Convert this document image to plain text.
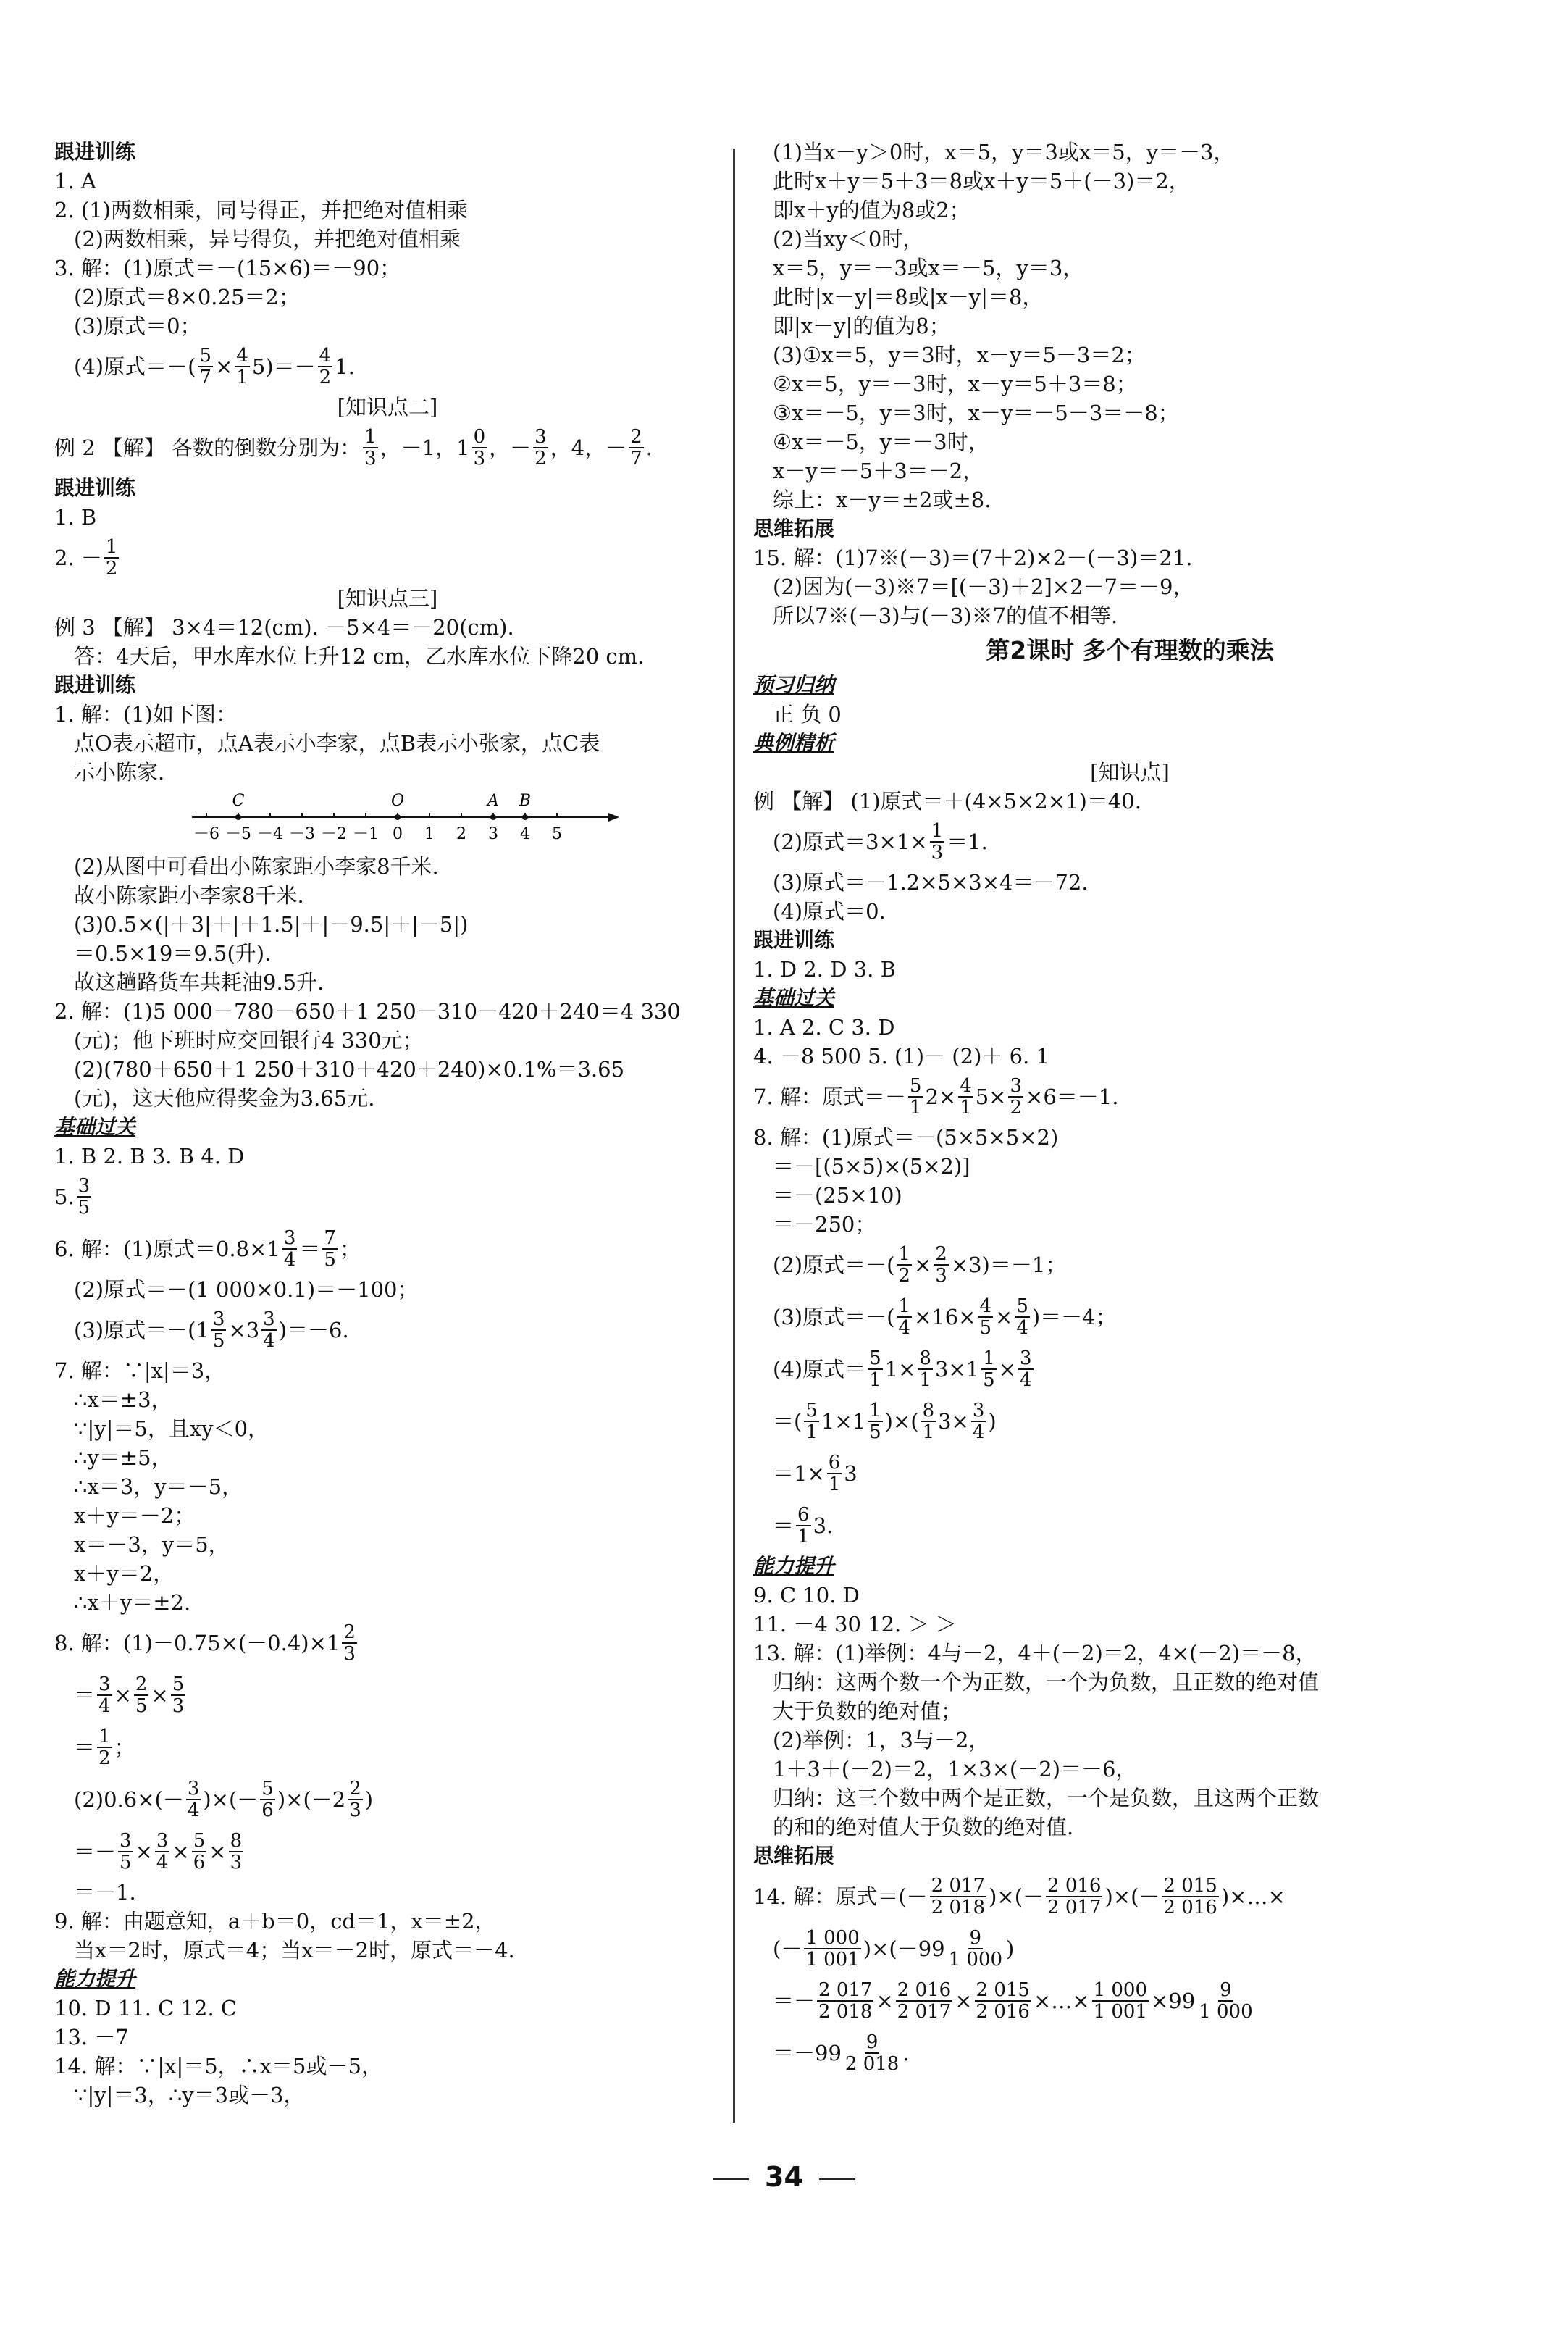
跟进训练

1. A

2. (1)两数相乘，同号得正，并把绝对值相乘

(2)两数相乘，异号得负，并把绝对值相乘

3. 解：(1)原式＝－(15×6)＝－90；

(2)原式＝8×0.25＝2；

(3)原式＝0；

(4)原式＝－( $\frac{5}{7} \times \frac{4}{1} 5)=- \frac{4}{2} 1$.

[知识点二]

例 2 【解】 各数的倒数分别为： $\frac{1}{3}$ ，－1，$1 \frac{0}{3}$ ，－ $\frac{3}{2}$ ，4，－ $\frac{2}{7}$ .

跟进训练

1. B

2. － $\frac{1}{2}$

[知识点三]

例 3 【解】 3×4＝12(cm). －5×4＝－20(cm).

答：4天后，甲水库水位上升12 cm，乙水库水位下降20 cm.

跟进训练

1. 解：(1)如下图：

点O表示超市，点A表示小李家，点B表示小张家，点C表

示小陈家.

－6 －5 －4 －3 －2 －1 0 1 2 3 4 5
C	O	A B

(2)从图中可看出小陈家距小李家8千米.

故小陈家距小李家8千米.

(3)0.5×(|＋3|＋|＋1.5|＋|－9.5|＋|－5|)

＝0.5×19＝9.5(升).

故这趟路货车共耗油9.5升.

2. 解：(1)5 000－780－650＋1 250－310－420＋240＝4 330

(元)；他下班时应交回银行4 330元；

(2)(780＋650＋1 250＋310＋420＋240)×0.1%＝3.65

(元)，这天他应得奖金为3.65元.

基础过关

1. B 2. B 3. B 4. D

5. $\frac{3}{5}$

6. 解：(1)原式$=0.8\times 1 \frac{3}{4} = \frac{7}{5}$ ；

(2)原式＝－(1 000×0.1)＝－100；

(3)原式$=-(1 \frac{3}{5} \times 3 \frac{3}{4} )=-6$.

7. 解：∵|x|＝3，

∴x＝±3，

∵|y|＝5，且xy＜0，

∴y＝±5，

∴x＝3，y＝－5，

x＋y＝－2；

x＝－3，y＝5，

x＋y＝2，

∴x＋y＝±2.

8. 解：$(1)-0.75\times(-0.4)\times 1 \frac{2}{3}$

＝ $\frac{3}{4} \times \frac{2}{5} \times \frac{5}{3}$

＝ $\frac{1}{2}$ ；

$(2)0.6\times(- \frac{3}{4}$ )×(－ $\frac{5}{6} )\times(-2 \frac{2}{3}$ )

＝－ $\frac{3}{5} \times \frac{3}{4} \times \frac{5}{6} \times \frac{8}{3}$

＝－1.

9. 解：由题意知，a＋b＝0，cd＝1，x＝±2，

当x＝2时，原式＝4；当x＝－2时，原式＝－4.

能力提升

10. D 11. C 12. C

13. －7

14. 解：∵|x|＝5，∴x＝5或－5，

∵|y|＝3，∴y＝3或－3，

(1)当x－y＞0时，x＝5，y＝3或x＝5，y＝－3，

此时x＋y＝5＋3＝8或x＋y＝5＋(－3)＝2，

即x＋y的值为8或2；

(2)当xy＜0时，

x＝5，y＝－3或x＝－5，y＝3，

此时|x－y|＝8或|x－y|＝8，

即|x－y|的值为8；

(3)①x＝5，y＝3时，x－y＝5－3＝2；

②x＝5，y＝－3时，x－y＝5＋3＝8；

③x＝－5，y＝3时，x－y＝－5－3＝－8；

④x＝－5，y＝－3时，

x－y＝－5＋3＝－2，

综上：x－y＝±2或±8.

思维拓展

15. 解：(1)7※(－3)＝(7＋2)×2－(－3)＝21.

(2)因为(－3)※7＝[(－3)＋2]×2－7＝－9，

所以7※(－3)与(－3)※7的值不相等.

第2课时 多个有理数的乘法

预习归纳

正 负 0

典例精析

[知识点]

例 【解】 (1)原式＝＋(4×5×2×1)＝40.

(2)原式$=3\times 1\times \frac{1}{3} =1$.

(3)原式＝－1.2×5×3×4＝－72.

(4)原式＝0.

跟进训练

1. D 2. D 3. B

基础过关

1. A 2. C 3. D

4. －8 500 5. (1)－ (2)＋ 6. 1

7. 解：原式＝－ $\frac{5}{1} 2\times \frac{4}{1} 5\times \frac{3}{2} \times 6=-1$.

8. 解：(1)原式＝－(5×5×5×2)

＝－[(5×5)×(5×2)]

＝－(25×10)

＝－250；

(2)原式＝－( $\frac{1}{2} \times \frac{2}{3} \times 3)=-1$；

(3)原式＝－( $\frac{1}{4} \times 16\times \frac{4}{5} \times \frac{5}{4} )=-4$；

(4)原式＝ $\frac{5}{1} 1\times \frac{8}{1} 3\times 1 \frac{1}{5} \times \frac{3}{4}$

＝( $\frac{5}{1} 1\times 1 \frac{1}{5}$ )×( $\frac{8}{1} 3\times \frac{3}{4}$ )

$=1\times \frac{6}{1} 3$

＝ $\frac{6}{1} 3$.

能力提升

9. C 10. D

11. －4 30 12. ＞ ＞

13. 解：(1)举例：4与－2，4＋(－2)＝2，4×(－2)＝－8，

归纳：这两个数一个为正数，一个为负数，且正数的绝对值

大于负数的绝对值；

(2)举例：1，3与－2，

1＋3＋(－2)＝2，1×3×(－2)＝－6，

归纳：这三个数中两个是正数，一个是负数，且这两个正数

的和的绝对值大于负数的绝对值.

思维拓展

14. 解：原式＝(－ $\frac{2 017}{2 018}$ )×(－ $\frac{2 016}{2 017}$ )×(－ $\frac{2 015}{2 016}$ )×…×

(－ $\frac{1 000}{1 001} )\times(-99 \frac{9}{1 000}$ )

＝－ $\frac{2 017}{2 018} \times \frac{2 016}{2 017} \times \frac{2 015}{2 016}$ ×…× $\frac{1 000}{1 001} \times 99 \frac{9}{1 000}$

$=-99 \frac{9}{2 018}$ .

34
